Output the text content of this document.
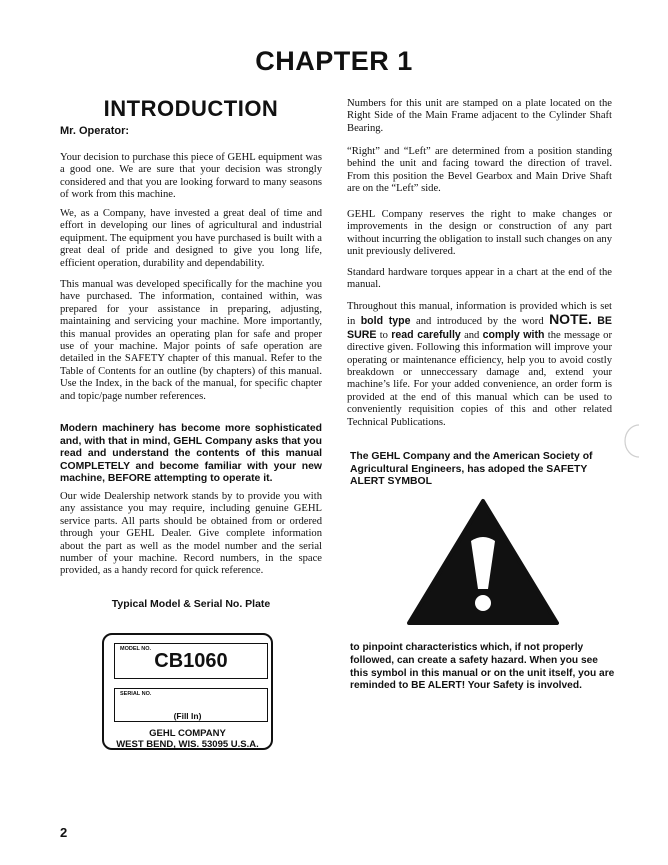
CHAPTER 1
INTRODUCTION
Mr. Operator:

Your decision to purchase this piece of GEHL equipment was a good one. We are sure that your decision was strongly considered and that you are looking forward to many seasons of work from this machine.

We, as a Company, have invested a great deal of time and effort in developing our lines of agricultural and industrial equipment. The equipment you have purchased is built with a great deal of pride and designed to give you long life, efficient operation, durability and dependability.

This manual was developed specifically for the machine you have purchased. The information, contained within, was prepared for your assistance in preparing, adjusting, maintaining and servicing your machine. More importantly, this manual provides an operating plan for safe and proper use of your machine. Major points of safe operation are detailed in the SAFETY chapter of this manual. Refer to the Table of Contents for an outline (by chapters) of this manual. Use the Index, in the back of the manual, for specific chapter and topic/page number references.

Modern machinery has become more sophisticated and, with that in mind, GEHL Company asks that you read and understand the contents of this manual COMPLETELY and become familiar with your new machine, BEFORE attempting to operate it.

Our wide Dealership network stands by to provide you with any assistance you may require, including genuine GEHL service parts. All parts should be obtained from or ordered through your GEHL Dealer. Give complete information about the part as well as the model number and the serial number of your machine. Record numbers, in the space provided, as a handy record for quick reference.

Typical Model & Serial No. Plate
MODEL NO.
CB1060
SERIAL NO.
(Fill In)
GEHL COMPANY
WEST BEND, WIS. 53095 U.S.A.

Numbers for this unit are stamped on a plate located on the Right Side of the Main Frame adjacent to the Cylinder Shaft Bearing.

“Right” and “Left” are determined from a position standing behind the unit and facing toward the direction of travel. From this position the Bevel Gearbox and Main Drive Shaft are on the “Left” side.

GEHL Company reserves the right to make changes or improvements in the design or construction of any part without incurring the obligation to install such changes on any unit previously delivered.

Standard hardware torques appear in a chart at the end of the manual.

Throughout this manual, information is provided which is set in bold type and introduced by the word NOTE. BE SURE to read carefully and comply with the message or directive given. Following this information will improve your operating or maintenance efficiency, help you to avoid costly breakdown or unneccessary damage and, extend your machine’s life. For your added convenience, an order form is provided at the end of this manual which can be used to conveniently requisition copies of this and other related Technical Publications.

The GEHL Company and the American Society of Agricultural Engineers, has adoped the SAFETY ALERT SYMBOL
to pinpoint characteristics which, if not properly followed, can create a safety hazard. When you see this symbol in this manual or on the unit itself, you are reminded to BE ALERT! Your Safety is involved.
2
